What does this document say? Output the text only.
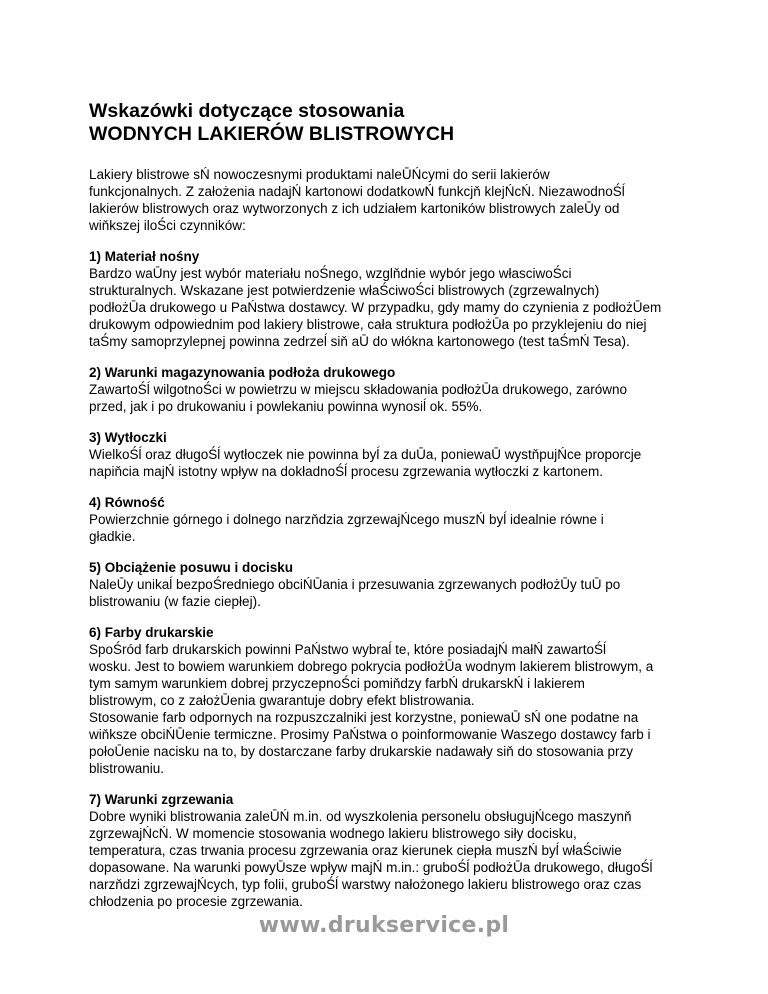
Wskazówki dotyczące stosowania
WODNYCH LAKIERÓW BLISTROWYCH
Lakiery blistrowe sŃ nowoczesnymi produktami naleŪŃcymi do serii lakierów
funkcjonalnych. Z założenia nadajŃ kartonowi dodatkowŃ funkcjň klejŃcŃ. NiezawodnoŚĺ
lakierów blistrowych oraz wytworzonych z ich udziałem kartoników blistrowych zaleŪy od
wiňkszej iloŚci czynników:
1) Materiał nośny
Bardzo waŪny jest wybór materiału noŚnego, wzglňdnie wybór jego własciwoŚci
strukturalnych. Wskazane jest potwierdzenie właŚciwoŚci blistrowych (zgrzewalnych)
podłożŪa drukowego u PaŃstwa dostawcy. W przypadku, gdy mamy do czynienia z podłożŪem
drukowym odpowiednim pod lakiery blistrowe, cała struktura podłożŪa po przyklejeniu do niej
taŚmy samoprzylepnej powinna zedrzeĺ siň aŪ do włókna kartonowego (test taŚmŃ Tesa).
2) Warunki magazynowania podłoża drukowego
ZawartoŚĺ wilgotnoŚci w powietrzu w miejscu składowania podłożŪa drukowego, zarówno
przed, jak i po drukowaniu i powlekaniu powinna wynosiĺ ok. 55%.
3) Wytłoczki
WielkoŚĺ oraz długoŚĺ wytłoczek nie powinna byĺ za duŪa, poniewaŪ wystňpujŃce proporcje
napiňcia majŃ istotny wpływ na dokładnoŚĺ procesu zgrzewania wytłoczki z kartonem.
4) Równość
Powierzchnie górnego i dolnego narzňdzia zgrzewajŃcego muszŃ byĺ idealnie równe i
gładkie.
5) Obciążenie posuwu i docisku
NaleŪy unikaĺ bezpoŚredniego obciŃŪania i przesuwania zgrzewanych podłożŪy tuŪ po
blistrowaniu (w fazie ciepłej).
6) Farby drukarskie
SpoŚród farb drukarskich powinni PaŃstwo wybraĺ te, które posiadajŃ małŃ zawartoŚĺ
wosku. Jest to bowiem warunkiem dobrego pokrycia podłożŪa wodnym lakierem blistrowym, a
tym samym warunkiem dobrej przyczepnoŚci pomiňdzy farbŃ drukarskŃ i lakierem
blistrowym, co z założŪenia gwarantuje dobry efekt blistrowania.
Stosowanie farb odpornych na rozpuszczalniki jest korzystne, poniewaŪ sŃ one podatne na
wiňksze obciŃŪenie termiczne. Prosimy PaŃstwa o poinformowanie Waszego dostawcy farb i
połoŪenie nacisku na to, by dostarczane farby drukarskie nadawały siň do stosowania przy
blistrowaniu.
7) Warunki zgrzewania
Dobre wyniki blistrowania zaleŪŃ m.in. od wyszkolenia personelu obsługujŃcego maszynň
zgrzewajŃcŃ. W momencie stosowania wodnego lakieru blistrowego siły docisku,
temperatura, czas trwania procesu zgrzewania oraz kierunek ciepła muszŃ byĺ właŚciwie
dopasowane. Na warunki powyŪsze wpływ majŃ m.in.: gruboŚĺ podłożŪa drukowego, długoŚĺ
narzňdzi zgrzewajŃcych, typ folii, gruboŚĺ warstwy nałożonego lakieru blistrowego oraz czas
chłodzenia po procesie zgrzewania.
www.drukservice.pl
